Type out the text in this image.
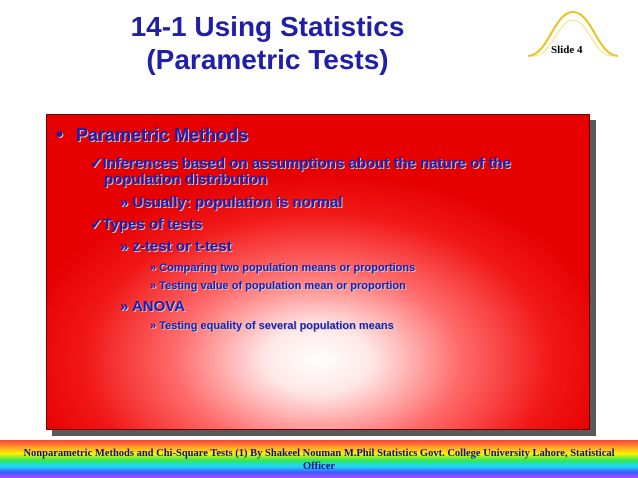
14-1 Using Statistics
(Parametric Tests)	Slide 4
• Parametric Methods
✓Inferences based on assumptions about the nature of the
population distribution
» Usually: population is normal
✓Types of tests
» z-test or t-test
» Comparing two population means or proportions
» Testing value of population mean or proportion
» ANOVA
» Testing equality of several population means
Nonparametric Methods and Chi-Square Tests (1) By Shakeel Nouman M.Phil Statistics Govt. College University Lahore, Statistical
Officer
